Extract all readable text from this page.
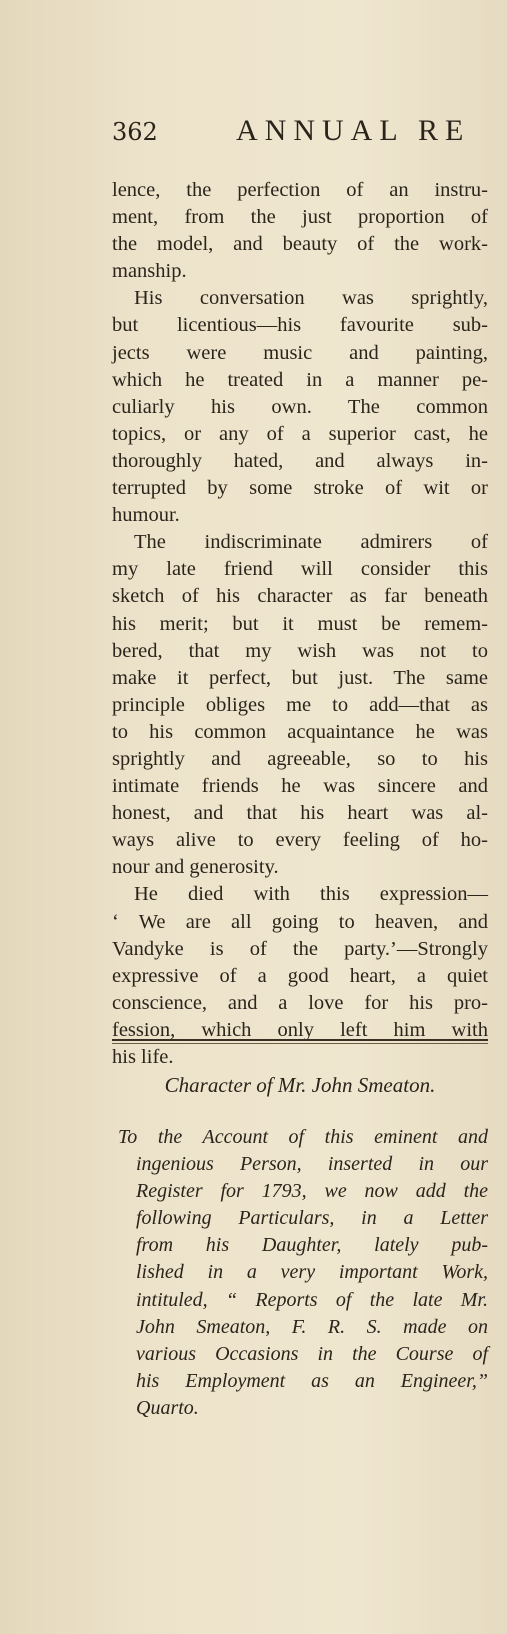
362	ANNUAL RE
lence, the perfection of an instru-
ment, from the just proportion of
the model, and beauty of the work-
manship.
His conversation was sprightly,
but licentious—his favourite sub-
jects were music and painting,
which he treated in a manner pe-
culiarly his own. The common
topics, or any of a superior cast, he
thoroughly hated, and always in-
terrupted by some stroke of wit or
humour.
The indiscriminate admirers of
my late friend will consider this
sketch of his character as far beneath
his merit; but it must be remem-
bered, that my wish was not to
make it perfect, but just. The same
principle obliges me to add—that as
to his common acquaintance he was
sprightly and agreeable, so to his
intimate friends he was sincere and
honest, and that his heart was al-
ways alive to every feeling of ho-
nour and generosity.
He died with this expression—
‘ We are all going to heaven, and
Vandyke is of the party.’—Strongly
expressive of a good heart, a quiet
conscience, and a love for his pro-
fession, which only left him with
his life.
Character of Mr. John Smeaton.
To the Account of this eminent and
ingenious Person, inserted in our
Register for 1793, we now add the
following Particulars, in a Letter
from his Daughter, lately pub-
lished in a very important Work,
intituled, “ Reports of the late Mr.
John Smeaton, F. R. S. made on
various Occasions in the Course of
his Employment as an Engineer,”
Quarto.
